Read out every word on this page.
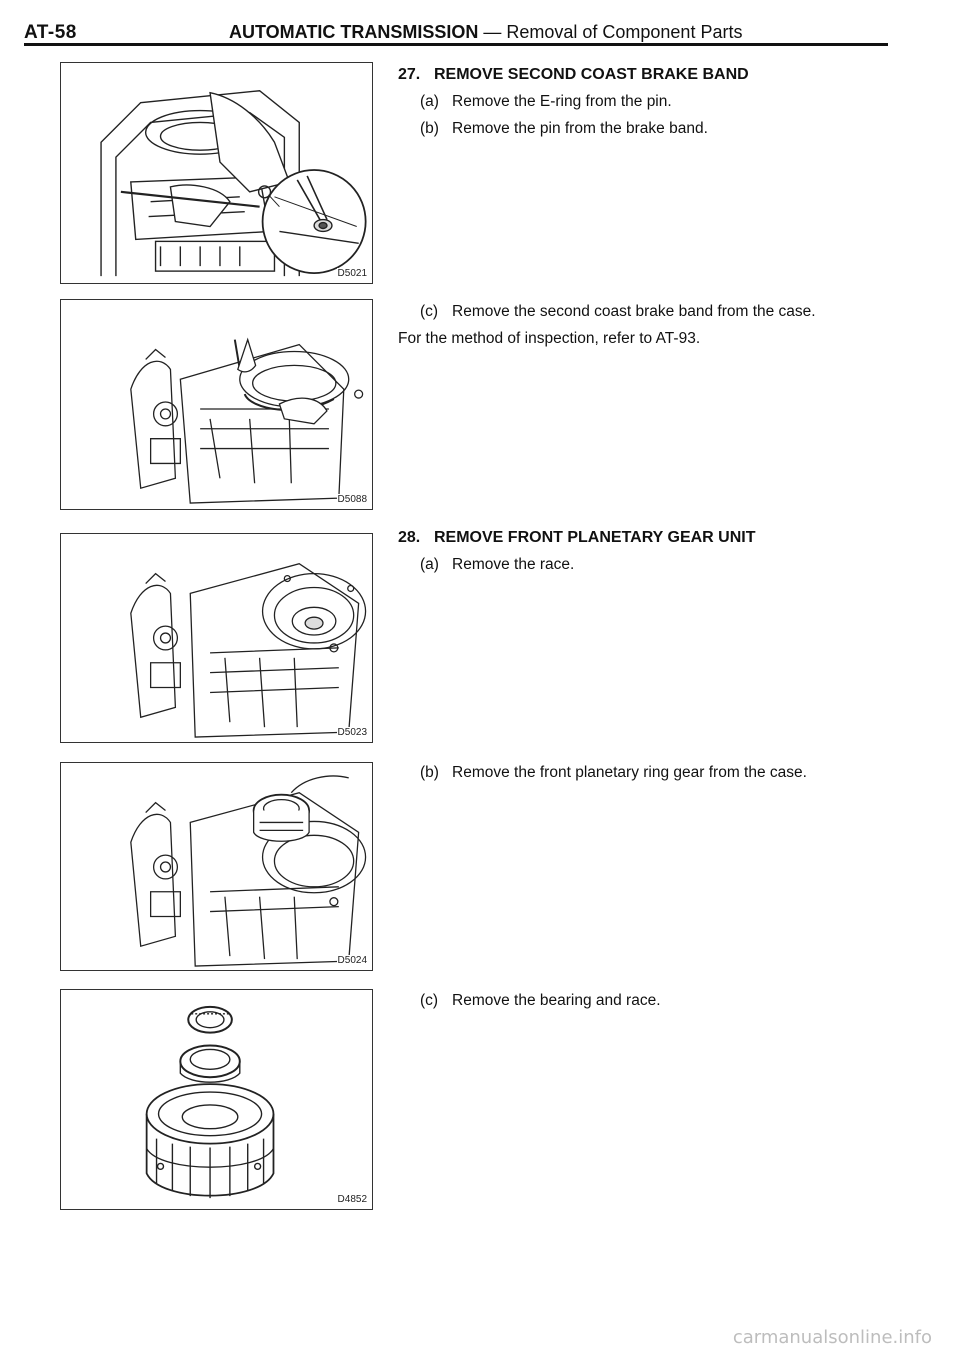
AT-58	AUTOMATIC TRANSMISSION — Removal of Component Parts
D5021
D5088
D5023
D5024
D4852
27. REMOVE SECOND COAST BRAKE BAND
(a) Remove the E-ring from the pin.
(b) Remove the pin from the brake band.
(c) Remove the second coast brake band from the case.
For the method of inspection, refer to AT-93.
28. REMOVE FRONT PLANETARY GEAR UNIT
(a) Remove the race.
(b) Remove the front planetary ring gear from the case.
(c) Remove the bearing and race.
carmanualsonline.info
